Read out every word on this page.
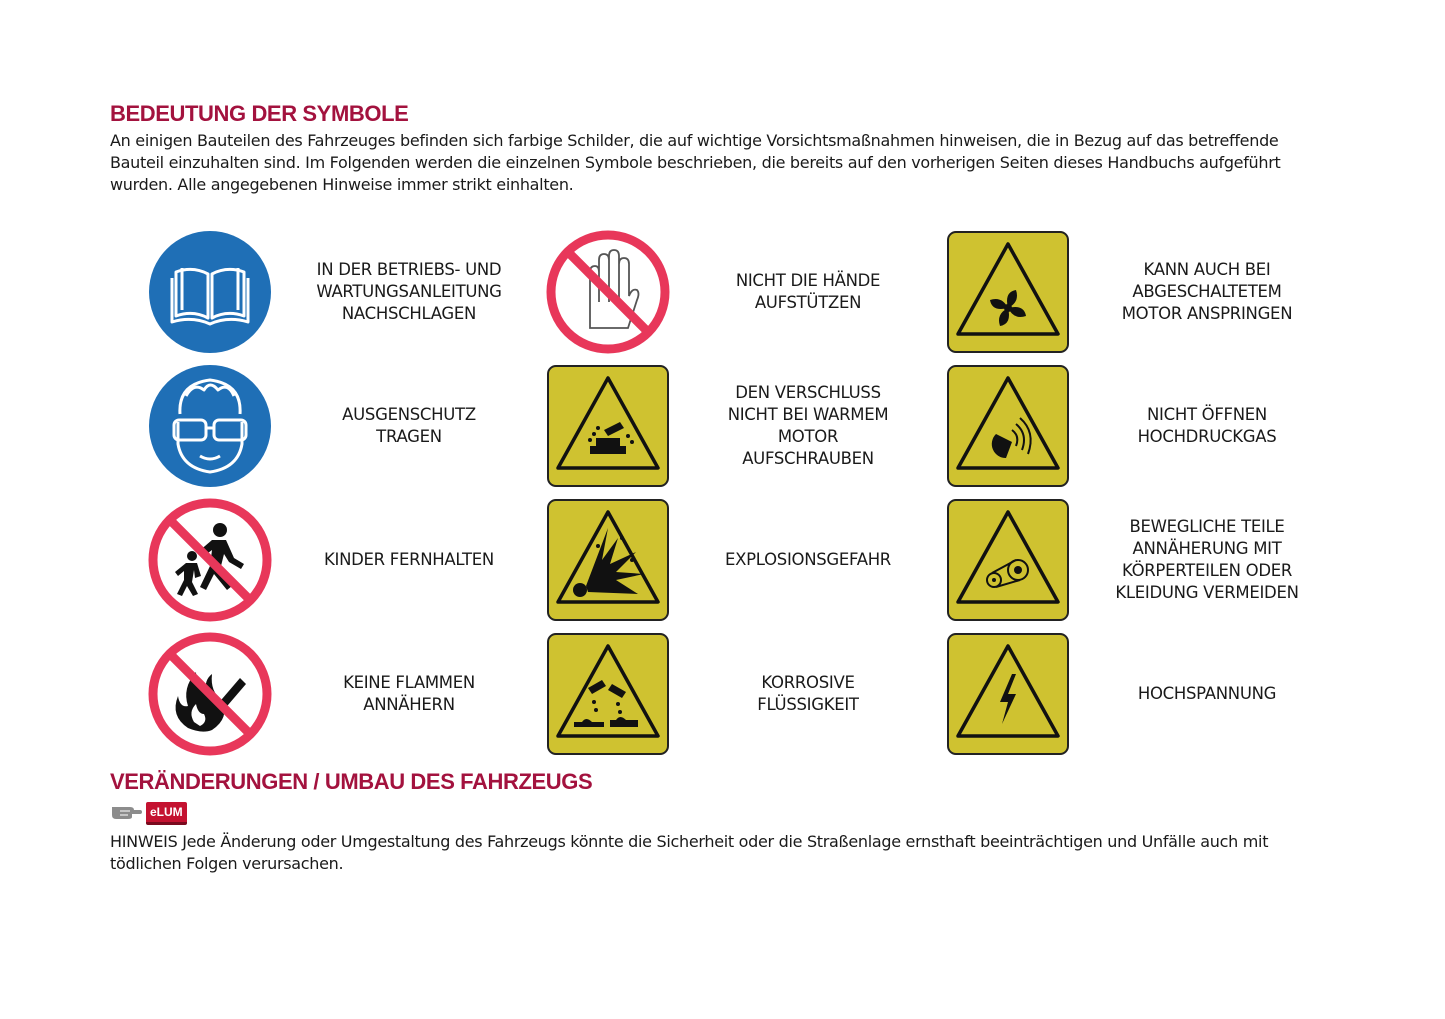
BEDEUTUNG DER SYMBOLE

An einigen Bauteilen des Fahrzeuges befinden sich farbige Schilder, die auf wichtige Vorsichtsmaßnahmen hinweisen, die in Bezug auf das betreffende Bauteil einzuhalten sind. Im Folgenden werden die einzelnen Symbole beschrieben, die bereits auf den vorherigen Seiten dieses Handbuchs aufgeführt wurden. Alle angegebenen Hinweise immer strikt einhalten.

IN DER BETRIEBS- UND
WARTUNGSANLEITUNG
NACHSCHLAGEN
NICHT DIE HÄNDE
AUFSTÜTZEN
KANN AUCH BEI
ABGESCHALTETEM
MOTOR ANSPRINGEN
AUSGENSCHUTZ
TRAGEN
DEN VERSCHLUSS
NICHT BEI WARMEM
MOTOR
AUFSCHRAUBEN
NICHT ÖFFNEN
HOCHDRUCKGAS
KINDER FERNHALTEN	EXPLOSIONSGEFAHR
BEWEGLICHE TEILE
ANNÄHERUNG MIT
KÖRPERTEILEN ODER
KLEIDUNG VERMEIDEN
KEINE FLAMMEN
ANNÄHERN
KORROSIVE
FLÜSSIGKEIT
HOCHSPANNUNG
VERÄNDERUNGEN / UMBAU DES FAHRZEUGS
eLUM

HINWEIS Jede Änderung oder Umgestaltung des Fahrzeugs könnte die Sicherheit oder die Straßenlage ernsthaft beeinträchtigen und Unfälle auch mit tödlichen Folgen verursachen.
